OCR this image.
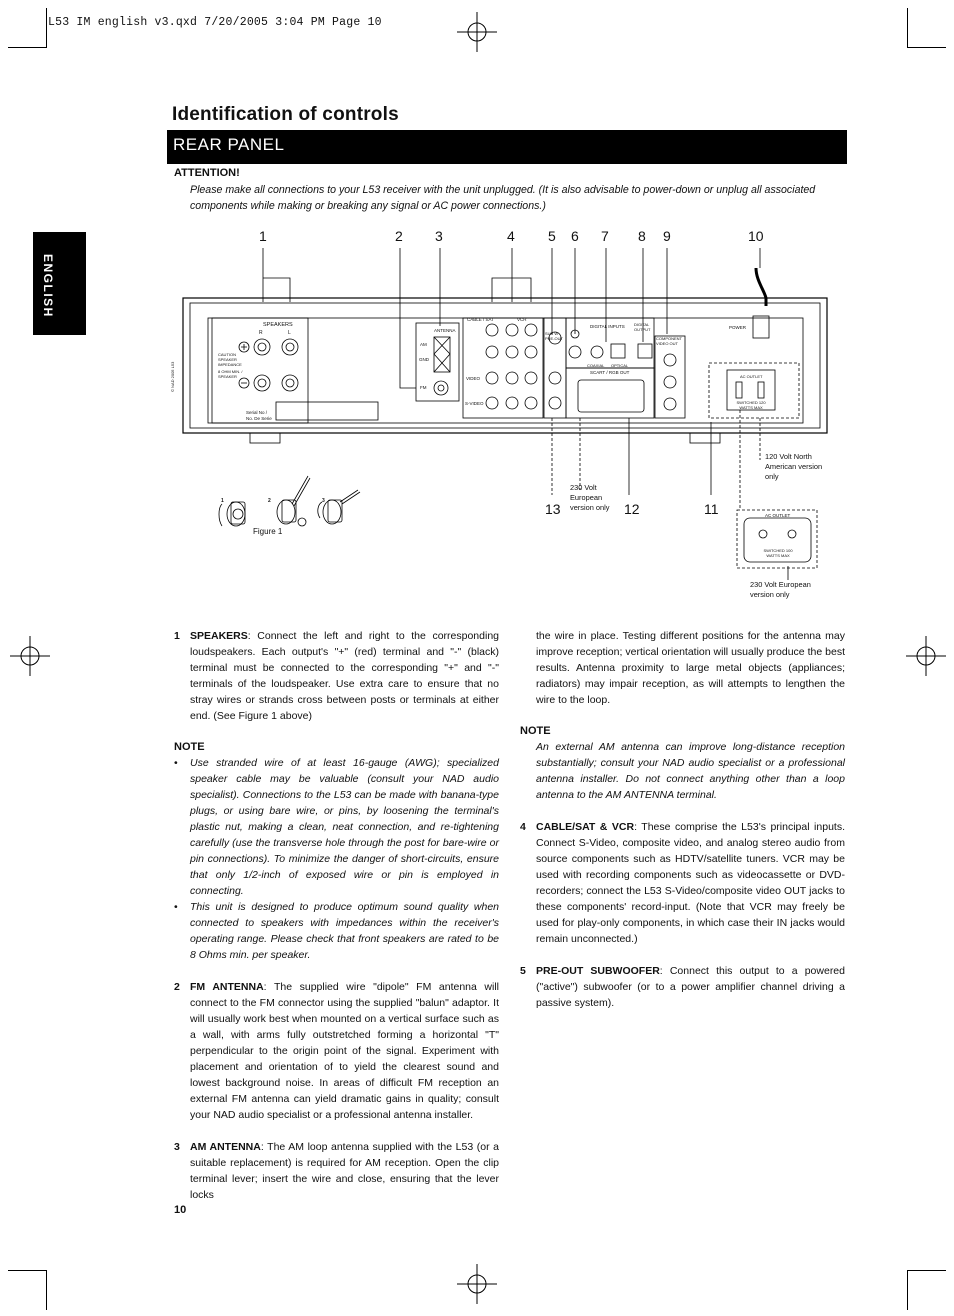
L53 IM english v3.qxd 7/20/2005 3:04 PM Page 10
Identification of controls
REAR PANEL
ENGLISH
ATTENTION!
Please make all connections to your L53 receiver with the unit unplugged. (It is also advisable to power-down or unplug all associated components while making or breaking any signal or AC power connections.)
1	2 3	4 5 6 7 8 9	10
13	12	11
SPEAKERS
R	L
CAUTION SPEAKER IMPEDANCE
8 OHM MIN. / SPEAKER
Serial No /
No. De Serie
ANTENNA
AM
GND
FM
CABLE / SAT	VCR
VIDEO
S-VIDEO
SUB W PRE-OUT
DIGITAL INPUTS DIGITAL OUTPUT
COAXIAL OPTICAL
SCART / RGB OUT
COMPONENT VIDEO OUT
POWER
AC OUTLET
SWITCHED 120 WATTS MAX
AC OUTLET
SWITCHED 100 WATTS MAX
© NAD 2005 L53
1	2	3
Figure 1
120 Volt North American version only
230 Volt European version only
230 Volt European version only
1 SPEAKERS: Connect the left and right to the corresponding loudspeakers. Each output's "+" (red) terminal and "-" (black) terminal must be connected to the corresponding "+" and "-" terminals of the loudspeaker. Use extra care to ensure that no stray wires or strands cross between posts or terminals at either end. (See Figure 1 above)
NOTE
• Use stranded wire of at least 16-gauge (AWG); specialized speaker cable may be valuable (consult your NAD audio specialist). Connections to the L53 can be made with banana-type plugs, or using bare wire, or pins, by loosening the terminal's plastic nut, making a clean, neat connection, and re-tightening carefully (use the transverse hole through the post for bare-wire or pin connections). To minimize the danger of short-circuits, ensure that only 1/2-inch of exposed wire or pin is employed in connecting.
• This unit is designed to produce optimum sound quality when connected to speakers with impedances within the receiver's operating range. Please check that front speakers are rated to be 8 Ohms min. per speaker.
2 FM ANTENNA: The supplied wire "dipole" FM antenna will connect to the FM connector using the supplied "balun" adaptor. It will usually work best when mounted on a vertical surface such as a wall, with arms fully outstretched forming a horizontal "T" perpendicular to the origin point of the signal. Experiment with placement and orientation of to yield the clearest sound and lowest background noise. In areas of difficult FM reception an external FM antenna can yield dramatic gains in quality; consult your NAD audio specialist or a professional antenna installer.
3 AM ANTENNA: The AM loop antenna supplied with the L53 (or a suitable replacement) is required for AM reception. Open the clip terminal lever; insert the wire and close, ensuring that the lever locks
the wire in place. Testing different positions for the antenna may improve reception; vertical orientation will usually produce the best results. Antenna proximity to large metal objects (appliances; radiators) may impair reception, as will attempts to lengthen the wire to the loop.
NOTE
An external AM antenna can improve long-distance reception substantially; consult your NAD audio specialist or a professional antenna installer. Do not connect anything other than a loop antenna to the AM ANTENNA terminal.
4 CABLE/SAT & VCR: These comprise the L53's principal inputs. Connect S-Video, composite video, and analog stereo audio from source components such as HDTV/satellite tuners. VCR may be used with recording components such as videocassette or DVD-recorders; connect the L53 S-Video/composite video OUT jacks to these components' record-input. (Note that VCR may freely be used for play-only components, in which case their IN jacks would remain unconnected.)
5 PRE-OUT SUBWOOFER: Connect this output to a powered ("active") subwoofer (or to a power amplifier channel driving a passive system).
10
